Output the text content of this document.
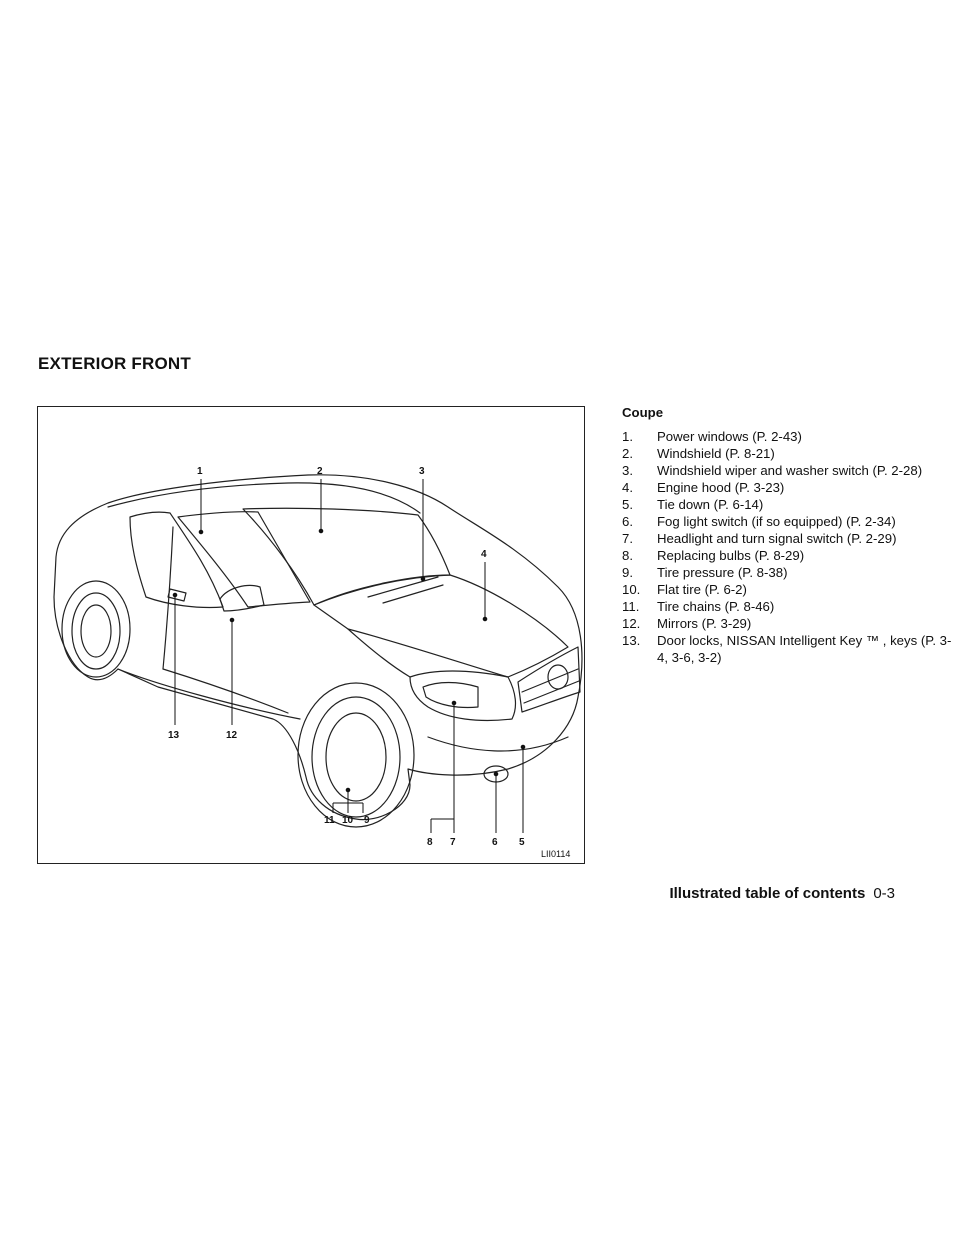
EXTERIOR FRONT
1	2	3
4
5
6
7
8
9
10
11
12
13
LII0114
Coupe
1.	Power windows (P. 2-43)
2.	Windshield (P. 8-21)
3.	Windshield wiper and washer switch (P. 2-28)
4.	Engine hood (P. 3-23)
5.	Tie down (P. 6-14)
6.	Fog light switch (if so equipped) (P. 2-34)
7.	Headlight and turn signal switch (P. 2-29)
8.	Replacing bulbs (P. 8-29)
9.	Tire pressure (P. 8-38)
10.	Flat tire (P. 6-2)
11.	Tire chains (P. 8-46)
12.	Mirrors (P. 3-29)
13.	Door locks, NISSAN Intelligent Key ™ , keys (P. 3-4, 3-6, 3-2)
Illustrated table of contents 0-3
